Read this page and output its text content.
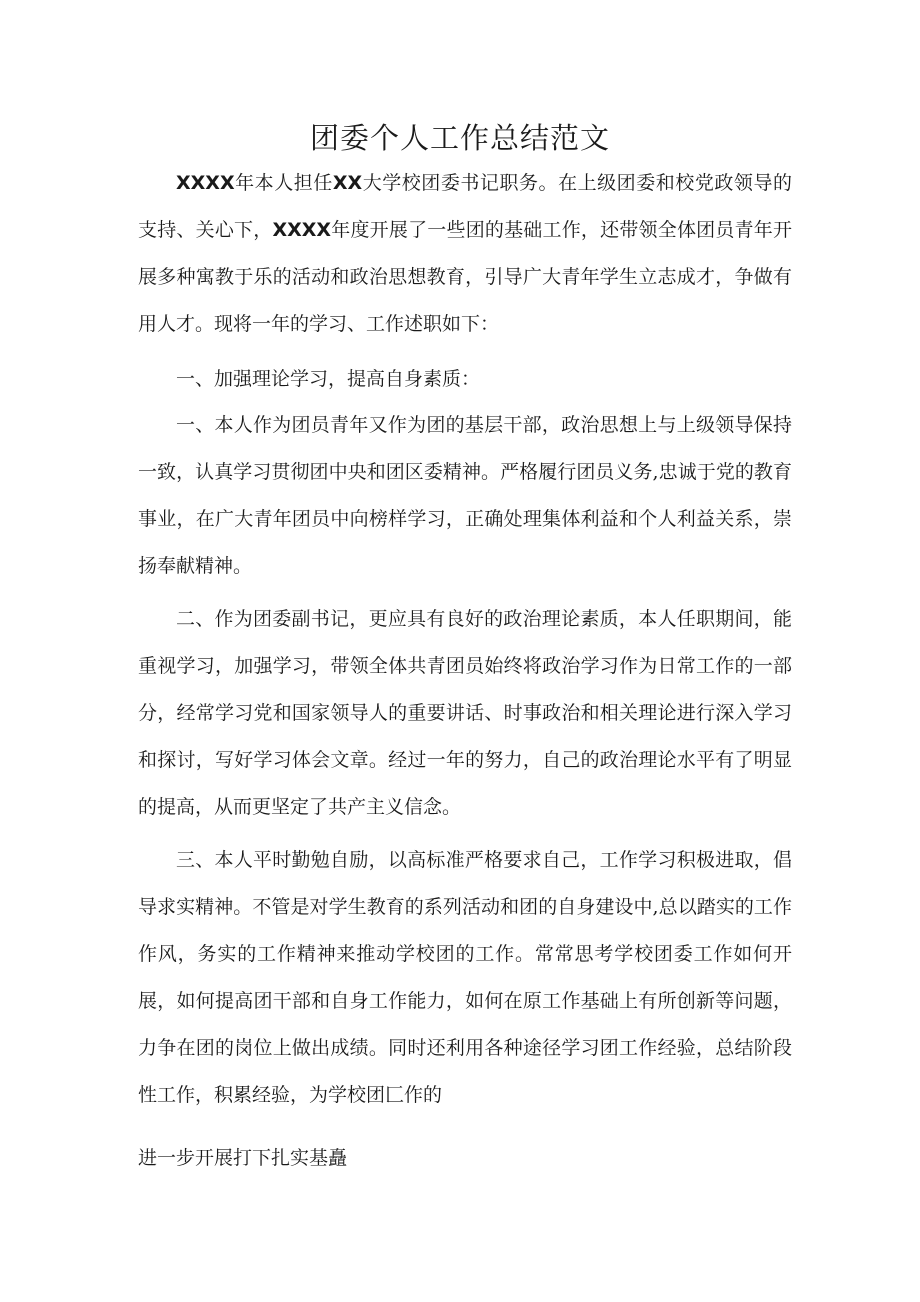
团委个人工作总结范文

XXXX年本人担任XX大学校团委书记职务。在上级团委和校党政领导的支持、关心下，XXXX年度开展了一些团的基础工作，还带领全体团员青年开展多种寓教于乐的活动和政治思想教育，引导广大青年学生立志成才，争做有用人才。现将一年的学习、工作述职如下：

一、加强理论学习，提高自身素质：

一、本人作为团员青年又作为团的基层干部，政治思想上与上级领导保持一致，认真学习贯彻团中央和团区委精神。严格履行团员义务,忠诚于党的教育事业，在广大青年团员中向榜样学习，正确处理集体利益和个人利益关系，崇扬奉献精神。

二、作为团委副书记，更应具有良好的政治理论素质，本人任职期间，能重视学习，加强学习，带领全体共青团员始终将政治学习作为日常工作的一部分，经常学习党和国家领导人的重要讲话、时事政治和相关理论进行深入学习和探讨，写好学习体会文章。经过一年的努力，自己的政治理论水平有了明显的提高，从而更坚定了共产主义信念。

三、本人平时勤勉自励，以高标准严格要求自己，工作学习积极进取，倡导求实精神。不管是对学生教育的系列活动和团的自身建设中,总以踏实的工作作风，务实的工作精神来推动学校团的工作。常常思考学校团委工作如何开展，如何提高团干部和自身工作能力，如何在原工作基础上有所创新等问题，力争在团的岗位上做出成绩。同时还利用各种途径学习团工作经验，总结阶段性工作，积累经验，为学校团匚作的

进一步开展打下扎实基矗
